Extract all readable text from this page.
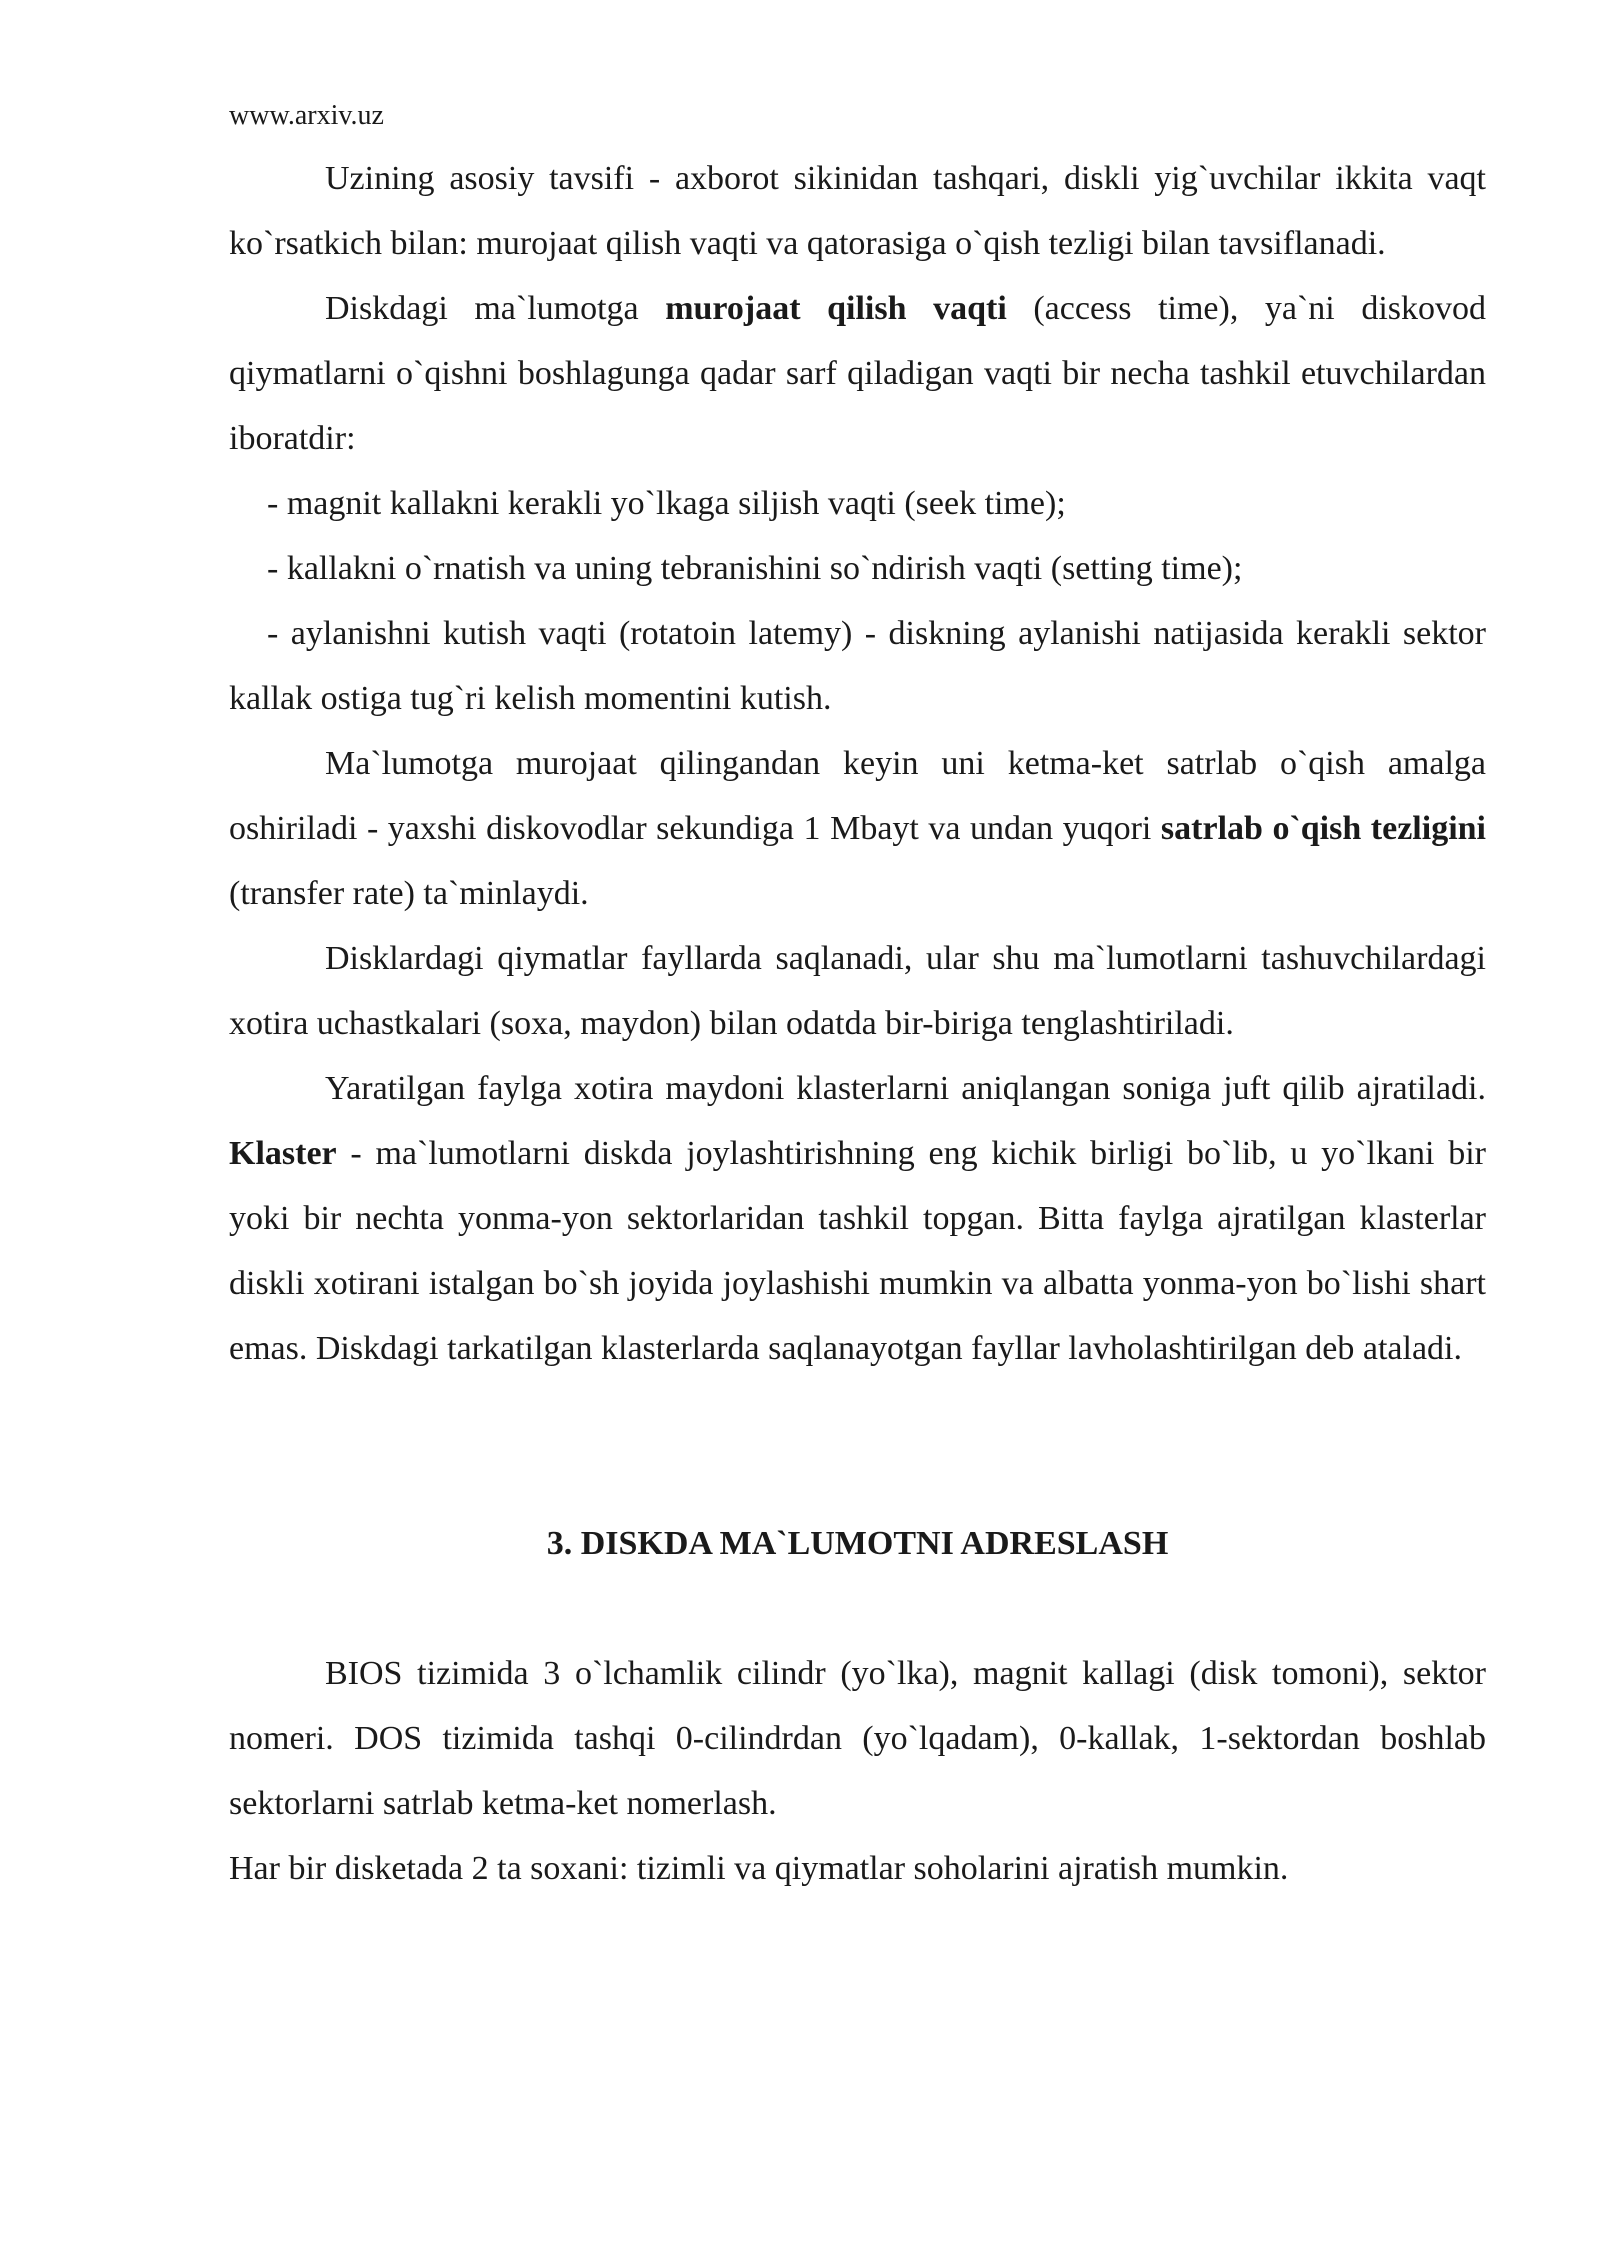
www.arxiv.uz

Uzining asosiy tavsifi - axborot sikinidan tashqari, diskli yig`uvchilar ikkita vaqt ko`rsatkich bilan: murojaat qilish vaqti va qatorasiga o`qish tezligi bilan tavsiflanadi.

Diskdagi ma`lumotga murojaat qilish vaqti (access time), ya`ni diskovod qiymatlarni o`qishni boshlagunga qadar sarf qiladigan vaqti bir necha tashkil etuvchilardan iboratdir:

- magnit kallakni kerakli yo`lkaga siljish vaqti (seek time);

- kallakni o`rnatish va uning tebranishini so`ndirish vaqti (setting time);

- aylanishni kutish vaqti (rotatoin latemy) - diskning aylanishi natijasida kerakli sektor kallak ostiga tug`ri kelish momentini kutish.

Ma`lumotga murojaat qilingandan keyin uni ketma-ket satrlab o`qish amalga oshiriladi - yaxshi diskovodlar sekundiga 1 Mbayt va undan yuqori satrlab o`qish tezligini (transfer rate) ta`minlaydi.

Disklardagi qiymatlar fayllarda saqlanadi, ular shu ma`lumotlarni tashuvchilardagi xotira uchastkalari (soxa, maydon) bilan odatda bir-biriga tenglashtiriladi.

Yaratilgan faylga xotira maydoni klasterlarni aniqlangan soniga juft qilib ajratiladi. Klaster - ma`lumotlarni diskda joylashtirishning eng kichik birligi bo`lib, u yo`lkani bir yoki bir nechta yonma-yon sektorlaridan tashkil topgan. Bitta faylga ajratilgan klasterlar diskli xotirani istalgan bo`sh joyida joylashishi mumkin va albatta yonma-yon bo`lishi shart emas. Diskdagi tarkatilgan klasterlarda saqlanayotgan fayllar lavholashtirilgan deb ataladi.

3. DISKDA MA`LUMOTNI ADRESLASH

BIOS tizimida 3 o`lchamlik cilindr (yo`lka), magnit kallagi (disk tomoni), sektor nomeri. DOS tizimida tashqi 0-cilindrdan (yo`lqadam), 0-kallak, 1-sektordan boshlab sektorlarni satrlab ketma-ket nomerlash.

Har bir disketada 2 ta soxani: tizimli va qiymatlar soholarini ajratish mumkin.
